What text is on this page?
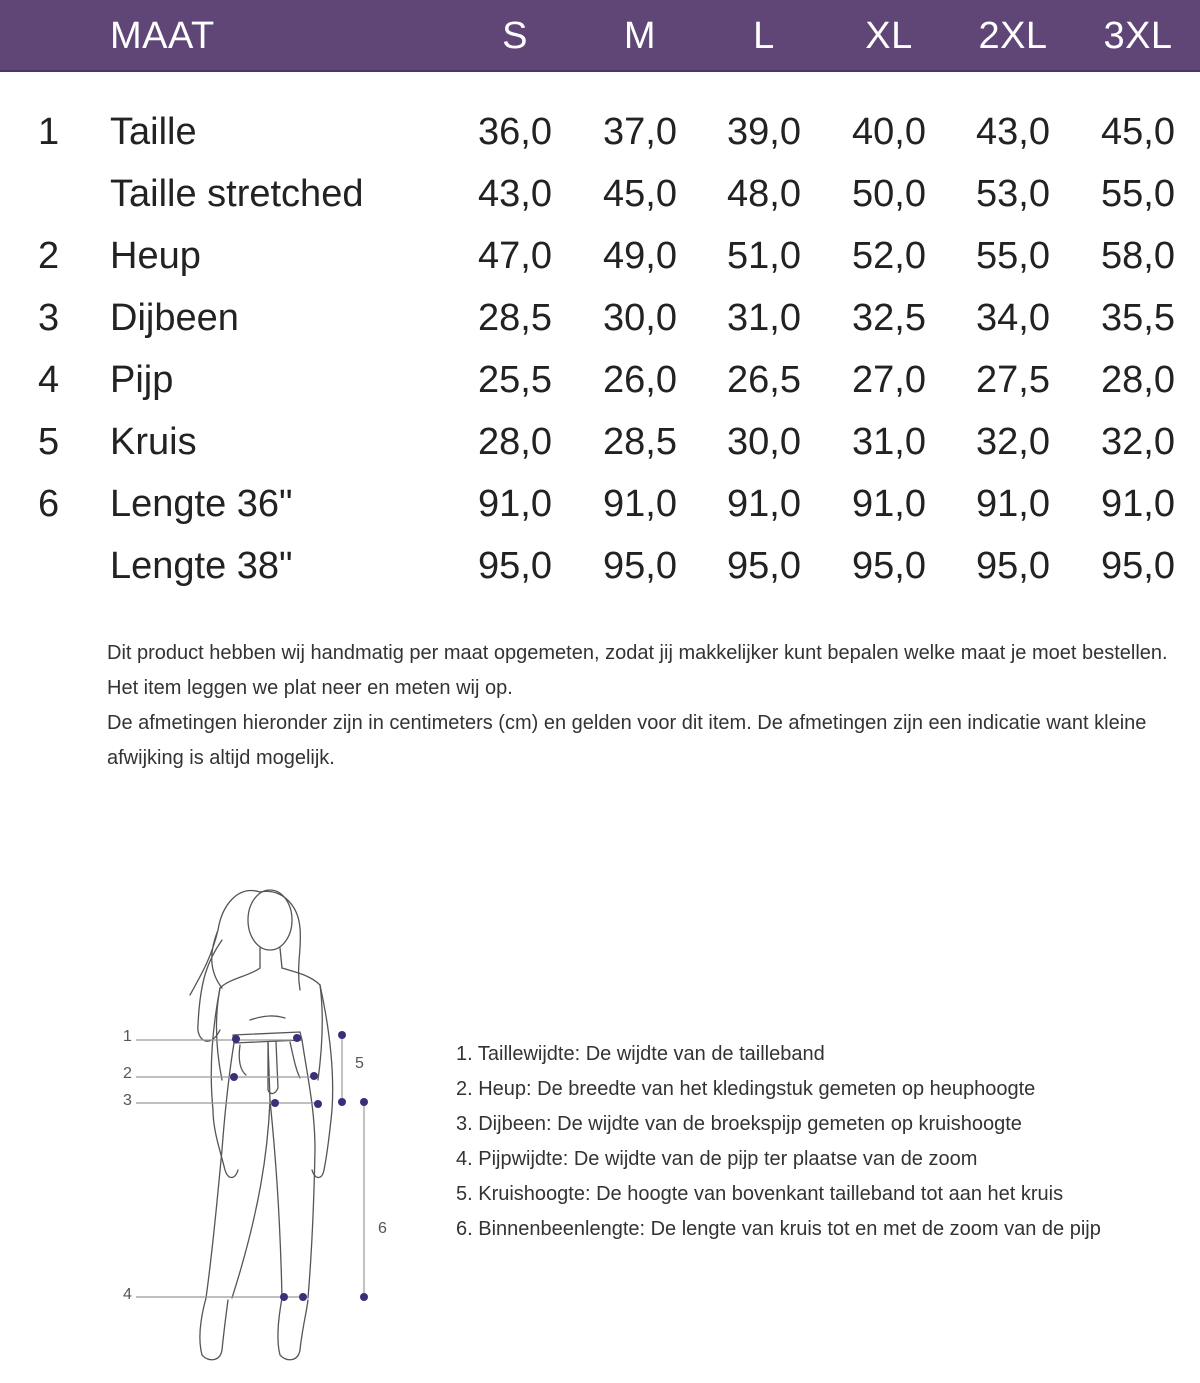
MAAT	S	M	L	XL	2XL	3XL
1 Taille	36,0	37,0	39,0	40,0	43,0	45,0
Taille stretched	43,0	45,0	48,0	50,0	53,0	55,0
2 Heup	47,0	49,0	51,0	52,0	55,0	58,0
3 Dijbeen	28,5	30,0	31,0	32,5	34,0	35,5
4 Pijp	25,5	26,0	26,5	27,0	27,5	28,0
5 Kruis	28,0	28,5	30,0	31,0	32,0	32,0
6 Lengte 36"	91,0	91,0	91,0	91,0	91,0	91,0
Lengte 38"	95,0	95,0	95,0	95,0	95,0	95,0

Dit product hebben wij handmatig per maat opgemeten, zodat jij makkelijker kunt bepalen welke maat je moet bestellen.

Het item leggen we plat neer en meten wij op.

De afmetingen hieronder zijn in centimeters (cm) en gelden voor dit item. De afmetingen zijn een indicatie want kleine afwijking is altijd mogelijk.

1
2
3
4
5
6
1. Taillewijdte: De wijdte van de tailleband
2. Heup: De breedte van het kledingstuk gemeten op heuphoogte
3. Dijbeen: De wijdte van de broekspijp gemeten op kruishoogte
4. Pijpwijdte: De wijdte van de pijp ter plaatse van de zoom
5. Kruishoogte: De hoogte van bovenkant tailleband tot aan het kruis
6. Binnenbeenlengte: De lengte van kruis tot en met de zoom van de pijp
